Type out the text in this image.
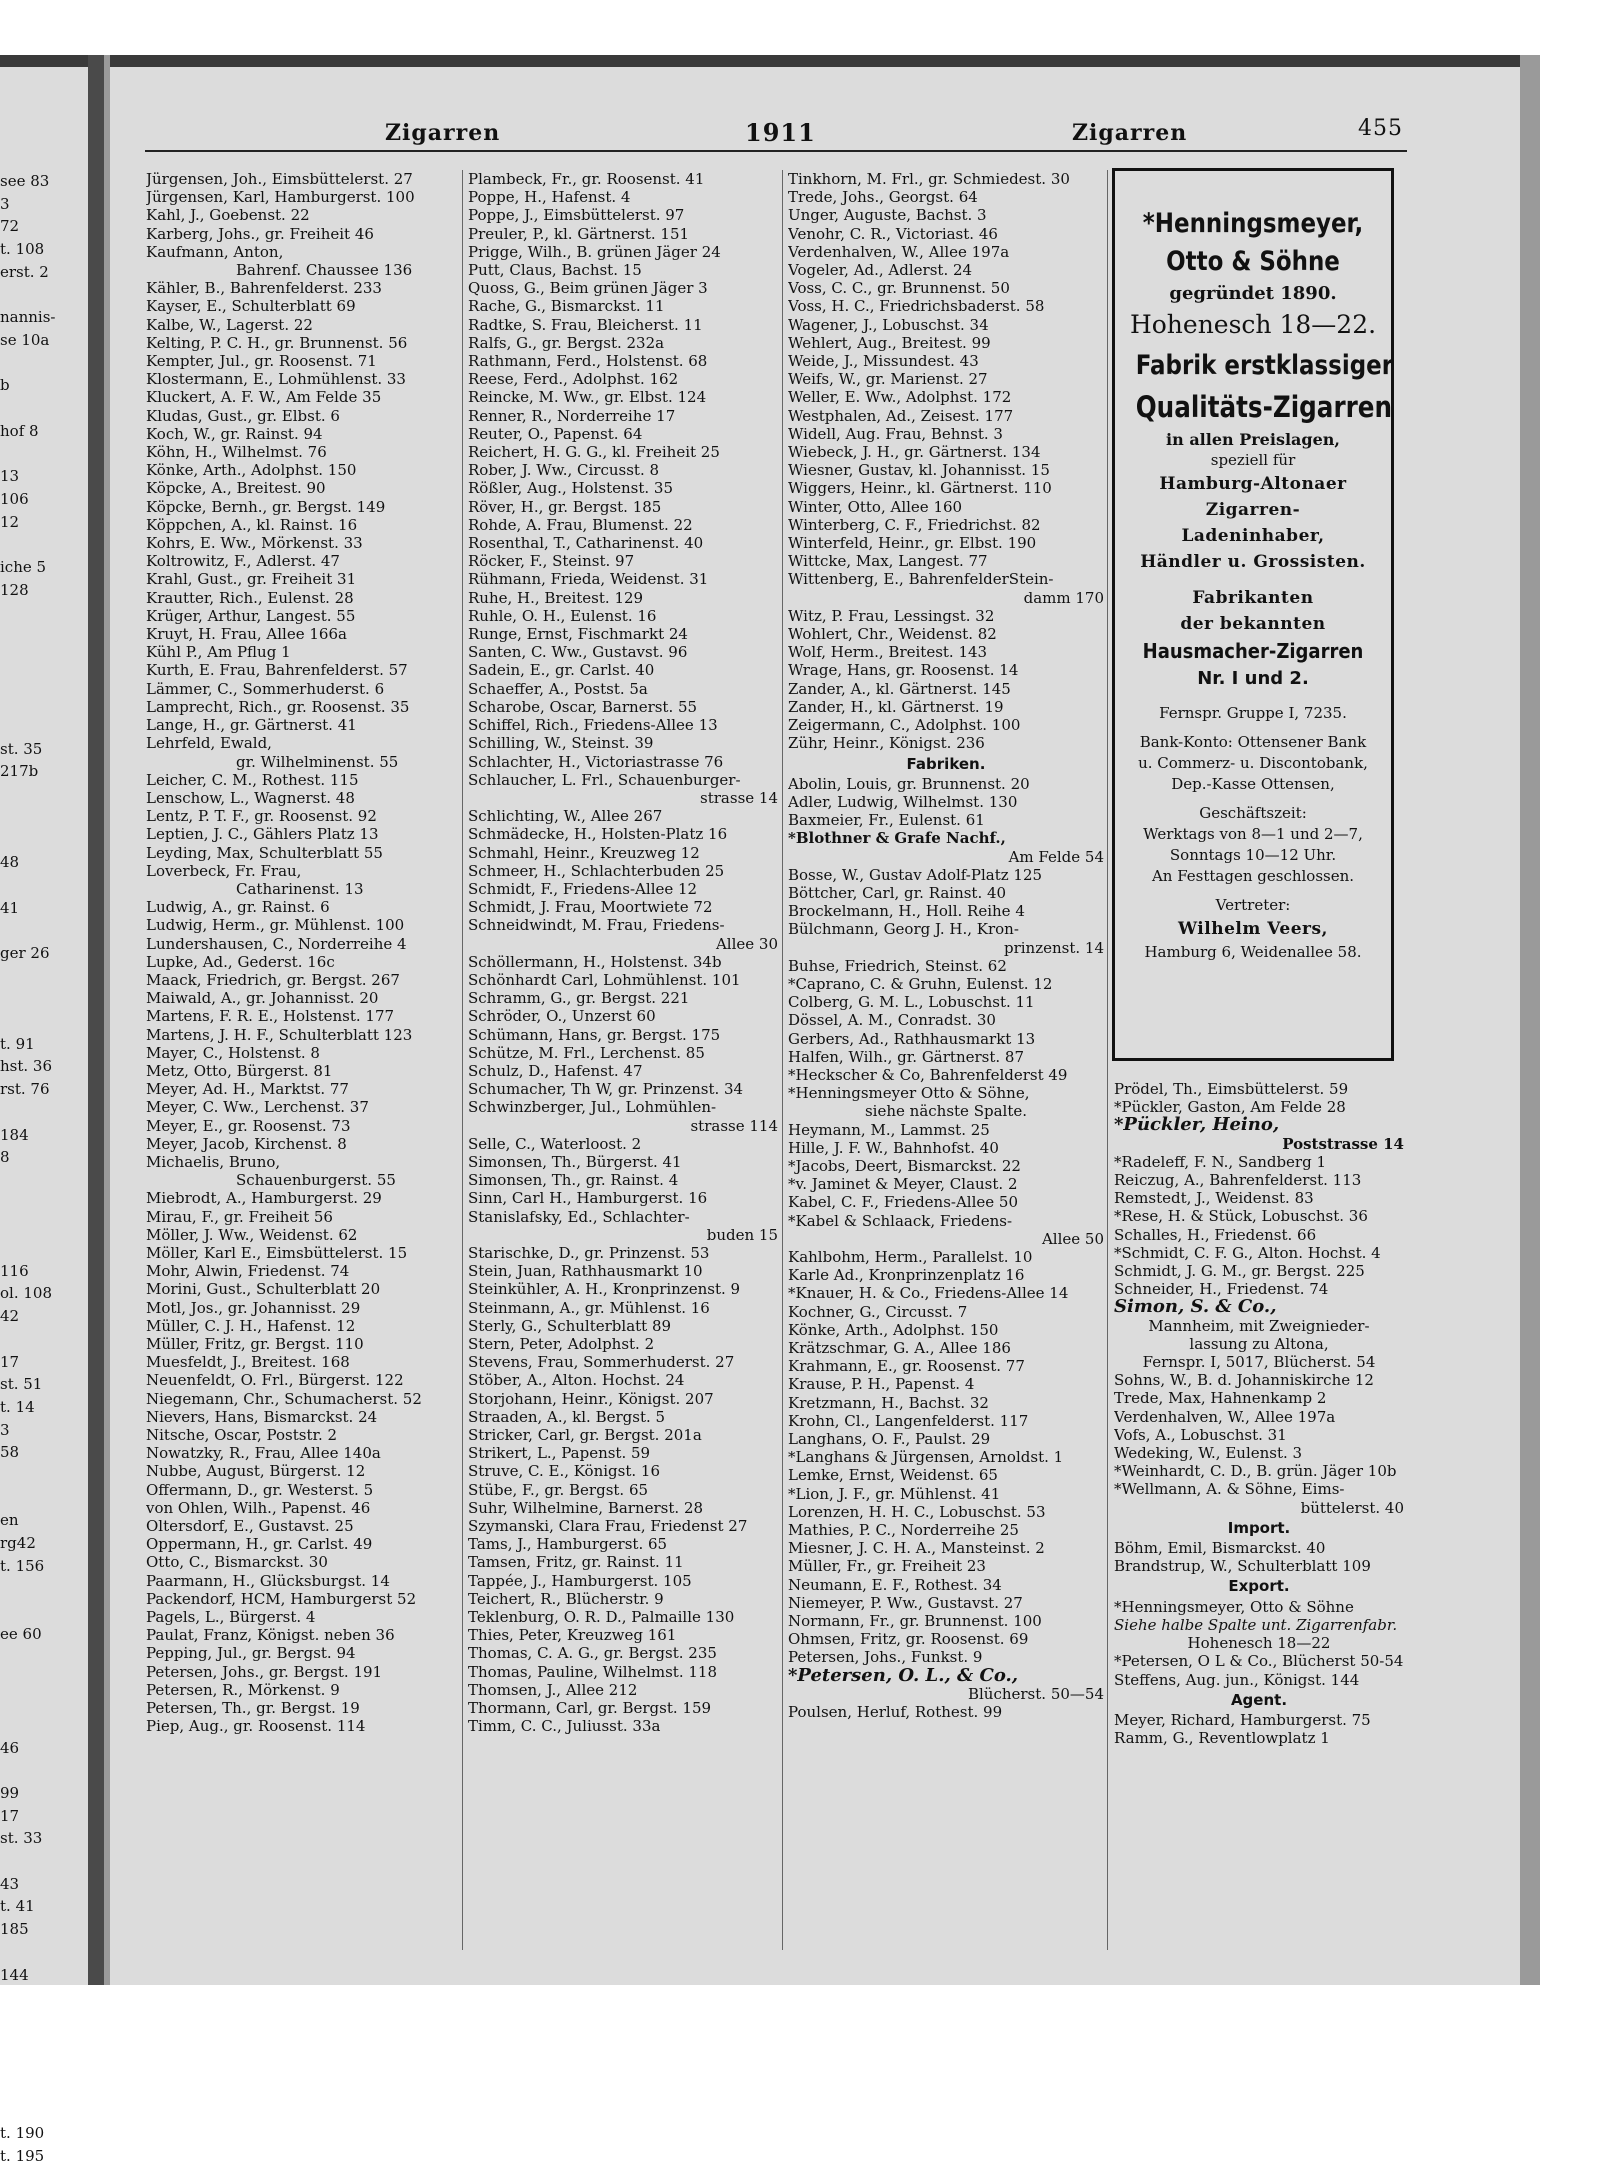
see 83
3
72
t. 108
erst. 2

nannis-
se 10a

b

hof 8

13
106
12

iche 5
128

st. 35
217b

48

41

ger 26

t. 91
hst. 36
rst. 76

184
8

116
ol. 108
42

17
st. 51
t. 14
3
58

en
rg42
t. 156

ee 60

46

99
17
st. 33

43
t. 41
185

144

t. 190
t. 195
Zigarren	1911	Zigarren	455
Jürgensen, Joh., Eimsbüttelerst. 27
Jürgensen, Karl, Hamburgerst. 100
Kahl, J., Goebenst. 22
Karberg, Johs., gr. Freiheit 46
Kaufmann, Anton,
Bahrenf. Chaussee 136
Kähler, B., Bahrenfelderst. 233
Kayser, E., Schulterblatt 69
Kalbe, W., Lagerst. 22
Kelting, P. C. H., gr. Brunnenst. 56
Kempter, Jul., gr. Roosenst. 71
Klostermann, E., Lohmühlenst. 33
Kluckert, A. F. W., Am Felde 35
Kludas, Gust., gr. Elbst. 6
Koch, W., gr. Rainst. 94
Köhn, H., Wilhelmst. 76
Könke, Arth., Adolphst. 150
Köpcke, A., Breitest. 90
Köpcke, Bernh., gr. Bergst. 149
Köppchen, A., kl. Rainst. 16
Kohrs, E. Ww., Mörkenst. 33
Koltrowitz, F., Adlerst. 47
Krahl, Gust., gr. Freiheit 31
Krautter, Rich., Eulenst. 28
Krüger, Arthur, Langest. 55
Kruyt, H. Frau, Allee 166a
Kühl P., Am Pflug 1
Kurth, E. Frau, Bahrenfelderst. 57
Lämmer, C., Sommerhuderst. 6
Lamprecht, Rich., gr. Roosenst. 35
Lange, H., gr. Gärtnerst. 41
Lehrfeld, Ewald,
gr. Wilhelminenst. 55
Leicher, C. M., Rothest. 115
Lenschow, L., Wagnerst. 48
Lentz, P. T. F., gr. Roosenst. 92
Leptien, J. C., Gählers Platz 13
Leyding, Max, Schulterblatt 55
Loverbeck, Fr. Frau,
Catharinenst. 13
Ludwig, A., gr. Rainst. 6
Ludwig, Herm., gr. Mühlenst. 100
Lundershausen, C., Norderreihe 4
Lupke, Ad., Gederst. 16c
Maack, Friedrich, gr. Bergst. 267
Maiwald, A., gr. Johannisst. 20
Martens, F. R. E., Holstenst. 177
Martens, J. H. F., Schulterblatt 123
Mayer, C., Holstenst. 8
Metz, Otto, Bürgerst. 81
Meyer, Ad. H., Marktst. 77
Meyer, C. Ww., Lerchenst. 37
Meyer, E., gr. Roosenst. 73
Meyer, Jacob, Kirchenst. 8
Michaelis, Bruno,
Schauenburgerst. 55
Miebrodt, A., Hamburgerst. 29
Mirau, F., gr. Freiheit 56
Möller, J. Ww., Weidenst. 62
Möller, Karl E., Eimsbüttelerst. 15
Mohr, Alwin, Friedenst. 74
Morini, Gust., Schulterblatt 20
Motl, Jos., gr. Johannisst. 29
Müller, C. J. H., Hafenst. 12
Müller, Fritz, gr. Bergst. 110
Muesfeldt, J., Breitest. 168
Neuenfeldt, O. Frl., Bürgerst. 122
Niegemann, Chr., Schumacherst. 52
Nievers, Hans, Bismarckst. 24
Nitsche, Oscar, Poststr. 2
Nowatzky, R., Frau, Allee 140a
Nubbe, August, Bürgerst. 12
Offermann, D., gr. Westerst. 5
von Ohlen, Wilh., Papenst. 46
Oltersdorf, E., Gustavst. 25
Oppermann, H., gr. Carlst. 49
Otto, C., Bismarckst. 30
Paarmann, H., Glücksburgst. 14
Packendorf, HCM, Hamburgerst 52
Pagels, L., Bürgerst. 4
Paulat, Franz, Königst. neben 36
Pepping, Jul., gr. Bergst. 94
Petersen, Johs., gr. Bergst. 191
Petersen, R., Mörkenst. 9
Petersen, Th., gr. Bergst. 19
Piep, Aug., gr. Roosenst. 114
Plambeck, Fr., gr. Roosenst. 41
Poppe, H., Hafenst. 4
Poppe, J., Eimsbüttelerst. 97
Preuler, P., kl. Gärtnerst. 151
Prigge, Wilh., B. grünen Jäger 24
Putt, Claus, Bachst. 15
Quoss, G., Beim grünen Jäger 3
Rache, G., Bismarckst. 11
Radtke, S. Frau, Bleicherst. 11
Ralfs, G., gr. Bergst. 232a
Rathmann, Ferd., Holstenst. 68
Reese, Ferd., Adolphst. 162
Reincke, M. Ww., gr. Elbst. 124
Renner, R., Norderreihe 17
Reuter, O., Papenst. 64
Reichert, H. G. G., kl. Freiheit 25
Rober, J. Ww., Circusst. 8
Rößler, Aug., Holstenst. 35
Röver, H., gr. Bergst. 185
Rohde, A. Frau, Blumenst. 22
Rosenthal, T., Catharinenst. 40
Röcker, F., Steinst. 97
Rühmann, Frieda, Weidenst. 31
Ruhe, H., Breitest. 129
Ruhle, O. H., Eulenst. 16
Runge, Ernst, Fischmarkt 24
Santen, C. Ww., Gustavst. 96
Sadein, E., gr. Carlst. 40
Schaeffer, A., Postst. 5a
Scharobe, Oscar, Barnerst. 55
Schiffel, Rich., Friedens-Allee 13
Schilling, W., Steinst. 39
Schlachter, H., Victoriastrasse 76
Schlaucher, L. Frl., Schauenburger-
strasse 14
Schlichting, W., Allee 267
Schmädecke, H., Holsten-Platz 16
Schmahl, Heinr., Kreuzweg 12
Schmeer, H., Schlachterbuden 25
Schmidt, F., Friedens-Allee 12
Schmidt, J. Frau, Moortwiete 72
Schneidwindt, M. Frau, Friedens-
Allee 30
Schöllermann, H., Holstenst. 34b
Schönhardt Carl, Lohmühlenst. 101
Schramm, G., gr. Bergst. 221
Schröder, O., Unzerst 60
Schümann, Hans, gr. Bergst. 175
Schütze, M. Frl., Lerchenst. 85
Schulz, D., Hafenst. 47
Schumacher, Th W, gr. Prinzenst. 34
Schwinzberger, Jul., Lohmühlen-
strasse 114
Selle, C., Waterloost. 2
Simonsen, Th., Bürgerst. 41
Simonsen, Th., gr. Rainst. 4
Sinn, Carl H., Hamburgerst. 16
Stanislafsky, Ed., Schlachter-
buden 15
Starischke, D., gr. Prinzenst. 53
Stein, Juan, Rathhausmarkt 10
Steinkühler, A. H., Kronprinzenst. 9
Steinmann, A., gr. Mühlenst. 16
Sterly, G., Schulterblatt 89
Stern, Peter, Adolphst. 2
Stevens, Frau, Sommerhuderst. 27
Stöber, A., Alton. Hochst. 24
Storjohann, Heinr., Königst. 207
Straaden, A., kl. Bergst. 5
Stricker, Carl, gr. Bergst. 201a
Strikert, L., Papenst. 59
Struve, C. E., Königst. 16
Stübe, F., gr. Bergst. 65
Suhr, Wilhelmine, Barnerst. 28
Szymanski, Clara Frau, Friedenst 27
Tams, J., Hamburgerst. 65
Tamsen, Fritz, gr. Rainst. 11
Tappée, J., Hamburgerst. 105
Teichert, R., Blücherstr. 9
Teklenburg, O. R. D., Palmaille 130
Thies, Peter, Kreuzweg 161
Thomas, C. A. G., gr. Bergst. 235
Thomas, Pauline, Wilhelmst. 118
Thomsen, J., Allee 212
Thormann, Carl, gr. Bergst. 159
Timm, C. C., Juliusst. 33a
Tinkhorn, M. Frl., gr. Schmiedest. 30
Trede, Johs., Georgst. 64
Unger, Auguste, Bachst. 3
Venohr, C. R., Victoriast. 46
Verdenhalven, W., Allee 197a
Vogeler, Ad., Adlerst. 24
Voss, C. C., gr. Brunnenst. 50
Voss, H. C., Friedrichsbaderst. 58
Wagener, J., Lobuschst. 34
Wehlert, Aug., Breitest. 99
Weide, J., Missundest. 43
Weifs, W., gr. Marienst. 27
Weller, E. Ww., Adolphst. 172
Westphalen, Ad., Zeisest. 177
Widell, Aug. Frau, Behnst. 3
Wiebeck, J. H., gr. Gärtnerst. 134
Wiesner, Gustav, kl. Johannisst. 15
Wiggers, Heinr., kl. Gärtnerst. 110
Winter, Otto, Allee 160
Winterberg, C. F., Friedrichst. 82
Winterfeld, Heinr., gr. Elbst. 190
Wittcke, Max, Langest. 77
Wittenberg, E., BahrenfelderStein-
damm 170
Witz, P. Frau, Lessingst. 32
Wohlert, Chr., Weidenst. 82
Wolf, Herm., Breitest. 143
Wrage, Hans, gr. Roosenst. 14
Zander, A., kl. Gärtnerst. 145
Zander, H., kl. Gärtnerst. 19
Zeigermann, C., Adolphst. 100
Zühr, Heinr., Königst. 236
Fabriken.
Abolin, Louis, gr. Brunnenst. 20
Adler, Ludwig, Wilhelmst. 130
Baxmeier, Fr., Eulenst. 61
*Blothner & Grafe Nachf.,
Am Felde 54
Bosse, W., Gustav Adolf-Platz 125
Böttcher, Carl, gr. Rainst. 40
Brockelmann, H., Holl. Reihe 4
Bülchmann, Georg J. H., Kron-
prinzenst. 14
Buhse, Friedrich, Steinst. 62
*Caprano, C. & Gruhn, Eulenst. 12
Colberg, G. M. L., Lobuschst. 11
Dössel, A. M., Conradst. 30
Gerbers, Ad., Rathhausmarkt 13
Halfen, Wilh., gr. Gärtnerst. 87
*Heckscher & Co, Bahrenfelderst 49
*Henningsmeyer Otto & Söhne,
siehe nächste Spalte.
Heymann, M., Lammst. 25
Hille, J. F. W., Bahnhofst. 40
*Jacobs, Deert, Bismarckst. 22
*v. Jaminet & Meyer, Claust. 2
Kabel, C. F., Friedens-Allee 50
*Kabel & Schlaack, Friedens-
Allee 50
Kahlbohm, Herm., Parallelst. 10
Karle Ad., Kronprinzenplatz 16
*Knauer, H. & Co., Friedens-Allee 14
Kochner, G., Circusst. 7
Könke, Arth., Adolphst. 150
Krätzschmar, G. A., Allee 186
Krahmann, E., gr. Roosenst. 77
Krause, P. H., Papenst. 4
Kretzmann, H., Bachst. 32
Krohn, Cl., Langenfelderst. 117
Langhans, O. F., Paulst. 29
*Langhans & Jürgensen, Arnoldst. 1
Lemke, Ernst, Weidenst. 65
*Lion, J. F., gr. Mühlenst. 41
Lorenzen, H. H. C., Lobuschst. 53
Mathies, P. C., Norderreihe 25
Miesner, J. C. H. A., Mansteinst. 2
Müller, Fr., gr. Freiheit 23
Neumann, E. F., Rothest. 34
Niemeyer, P. Ww., Gustavst. 27
Normann, Fr., gr. Brunnenst. 100
Ohmsen, Fritz, gr. Roosenst. 69
Petersen, Johs., Funkst. 9
*Petersen, O. L., & Co.,
Blücherst. 50—54
Poulsen, Herluf, Rothest. 99
*Henningsmeyer,
Otto & Söhne
gegründet 1890.
Hohenesch 18—22.
Fabrik erstklassiger
Qualitäts-Zigarren
in allen Preislagen,
speziell für
Hamburg-Altonaer
Zigarren-
Ladeninhaber,
Händler u. Grossisten.
Fabrikanten
der bekannten
Hausmacher-Zigarren
Nr. I und 2.
Fernspr. Gruppe I, 7235.
Bank-Konto: Ottensener Bank
u. Commerz- u. Discontobank,
Dep.-Kasse Ottensen,
Geschäftszeit:
Werktags von 8—1 und 2—7,
Sonntags 10—12 Uhr.
An Festtagen geschlossen.
Vertreter:
Wilhelm Veers,
Hamburg 6, Weidenallee 58.
Prödel, Th., Eimsbüttelerst. 59
*Pückler, Gaston, Am Felde 28
*Pückler, Heino,
Poststrasse 14
*Radeleff, F. N., Sandberg 1
Reiczug, A., Bahrenfelderst. 113
Remstedt, J., Weidenst. 83
*Rese, H. & Stück, Lobuschst. 36
Schalles, H., Friedenst. 66
*Schmidt, C. F. G., Alton. Hochst. 4
Schmidt, J. G. M., gr. Bergst. 225
Schneider, H., Friedenst. 74
Simon, S. & Co.,
Mannheim, mit Zweignieder-
lassung zu Altona,
Fernspr. I, 5017, Blücherst. 54
Sohns, W., B. d. Johanniskirche 12
Trede, Max, Hahnenkamp 2
Verdenhalven, W., Allee 197a
Vofs, A., Lobuschst. 31
Wedeking, W., Eulenst. 3
*Weinhardt, C. D., B. grün. Jäger 10b
*Wellmann, A. & Söhne, Eims-
büttelerst. 40
Import.
Böhm, Emil, Bismarckst. 40
Brandstrup, W., Schulterblatt 109
Export.
*Henningsmeyer, Otto & Söhne
Siehe halbe Spalte unt. Zigarrenfabr.
Hohenesch 18—22
*Petersen, O L & Co., Blücherst 50-54
Steffens, Aug. jun., Königst. 144
Agent.
Meyer, Richard, Hamburgerst. 75
Ramm, G., Reventlowplatz 1
